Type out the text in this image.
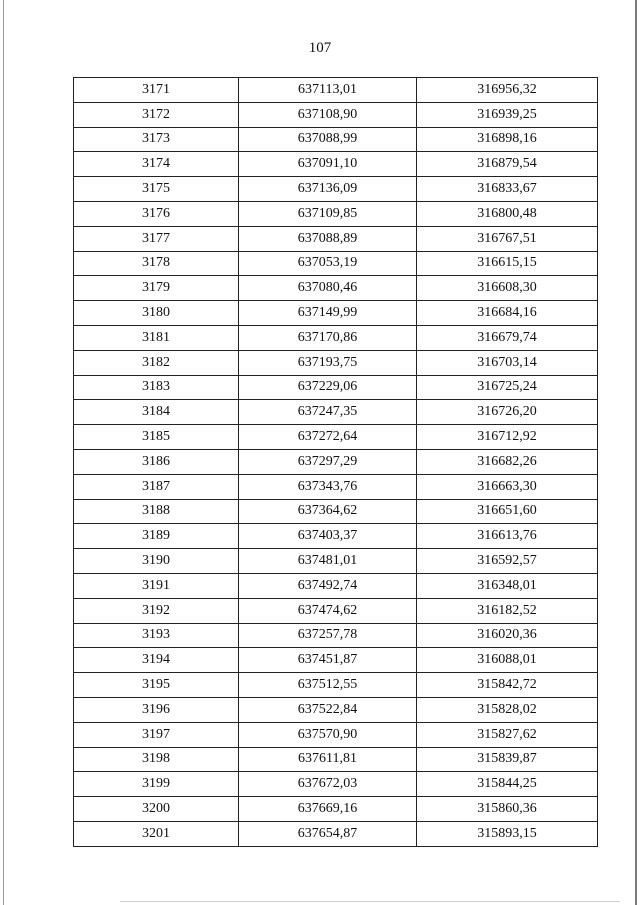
107
3171	637113,01	316956,32
3172	637108,90	316939,25
3173	637088,99	316898,16
3174	637091,10	316879,54
3175	637136,09	316833,67
3176	637109,85	316800,48
3177	637088,89	316767,51
3178	637053,19	316615,15
3179	637080,46	316608,30
3180	637149,99	316684,16
3181	637170,86	316679,74
3182	637193,75	316703,14
3183	637229,06	316725,24
3184	637247,35	316726,20
3185	637272,64	316712,92
3186	637297,29	316682,26
3187	637343,76	316663,30
3188	637364,62	316651,60
3189	637403,37	316613,76
3190	637481,01	316592,57
3191	637492,74	316348,01
3192	637474,62	316182,52
3193	637257,78	316020,36
3194	637451,87	316088,01
3195	637512,55	315842,72
3196	637522,84	315828,02
3197	637570,90	315827,62
3198	637611,81	315839,87
3199	637672,03	315844,25
3200	637669,16	315860,36
3201	637654,87	315893,15
